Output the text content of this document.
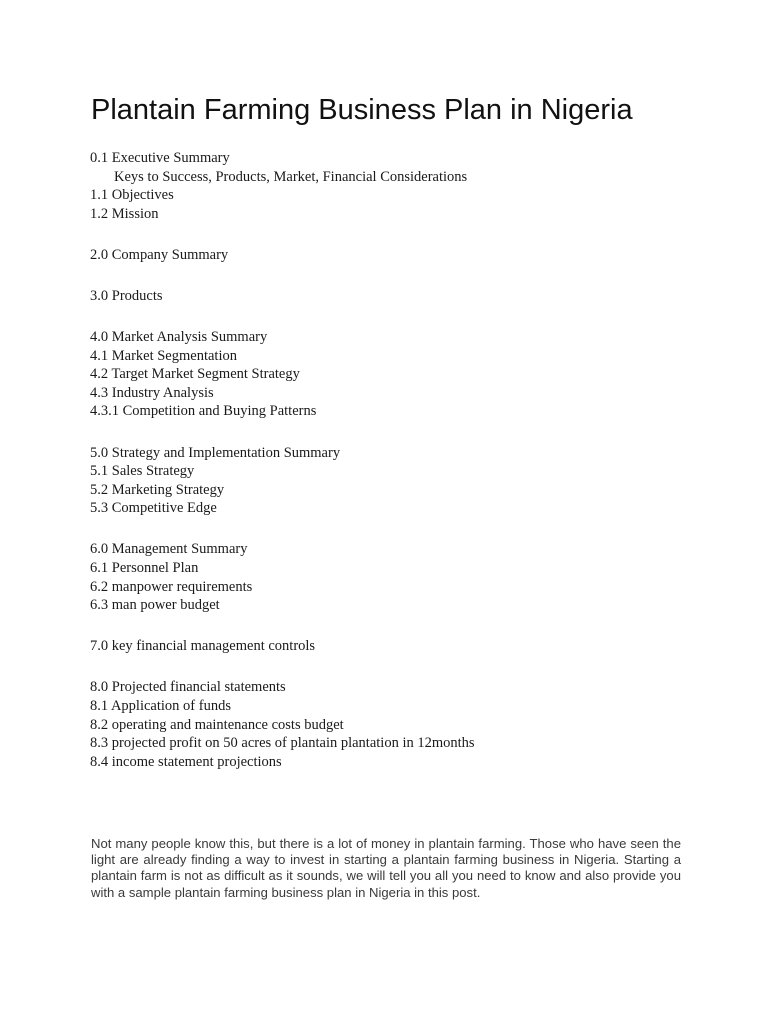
Plantain Farming Business Plan in Nigeria
0.1 Executive Summary
Keys to Success, Products, Market, Financial Considerations
1.1 Objectives
1.2 Mission
2.0 Company Summary
3.0 Products
4.0 Market Analysis Summary
4.1 Market Segmentation
4.2 Target Market Segment Strategy
4.3 Industry Analysis
4.3.1 Competition and Buying Patterns
5.0 Strategy and Implementation Summary
5.1 Sales Strategy
5.2 Marketing Strategy
5.3 Competitive Edge
6.0 Management Summary
6.1 Personnel Plan
6.2 manpower requirements
6.3 man power budget
7.0 key financial management controls
8.0 Projected financial statements
8.1 Application of funds
8.2 operating and maintenance costs budget
8.3 projected profit on 50 acres of plantain plantation in 12months
8.4 income statement projections

Not many people know this, but there is a lot of money in plantain farming. Those who have seen the light are already finding a way to invest in starting a plantain farming business in Nigeria. Starting a plantain farm is not as difficult as it sounds, we will tell you all you need to know and also provide you with a sample plantain farming business plan in Nigeria in this post.
